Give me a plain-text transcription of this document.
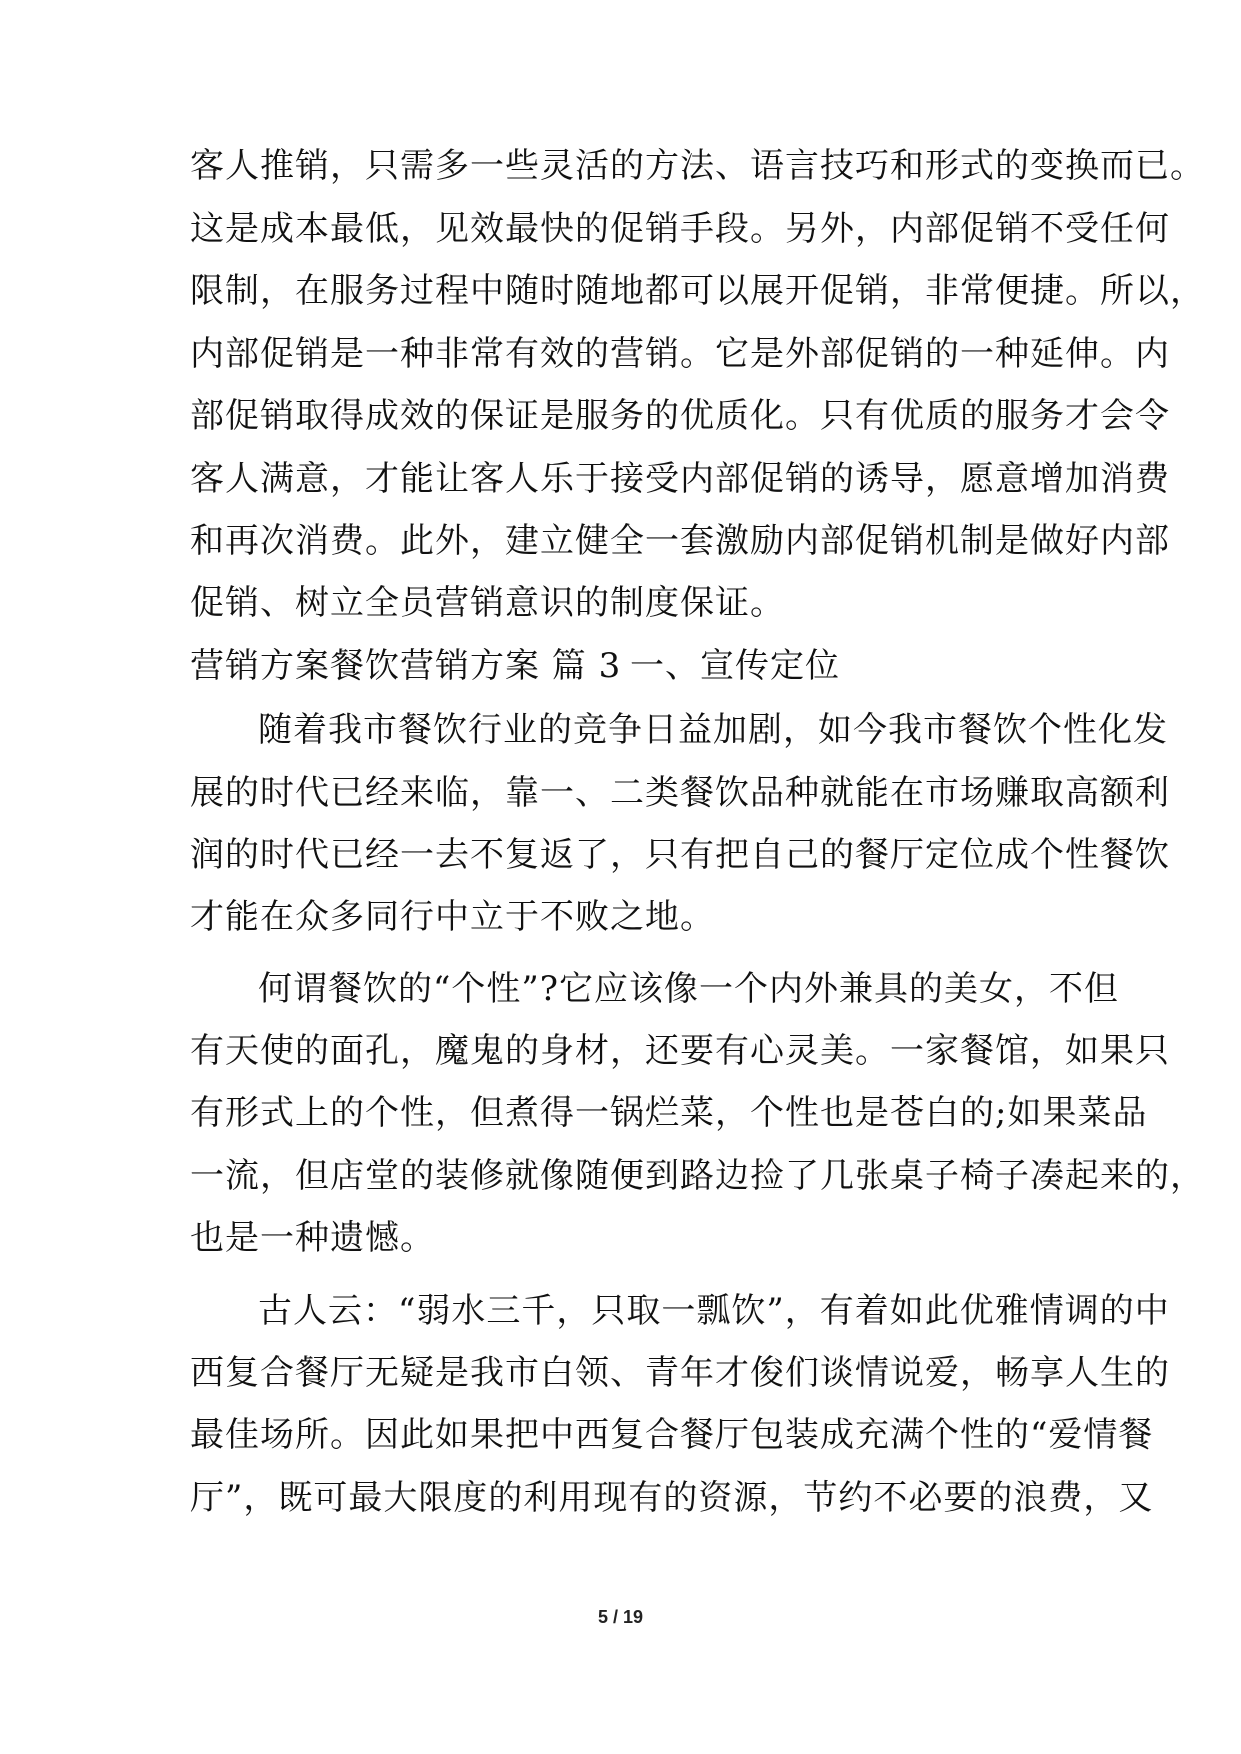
客人推销，只需多一些灵活的方法、语言技巧和形式的变换而已。
这是成本最低，见效最快的促销手段。另外，内部促销不受任何
限制，在服务过程中随时随地都可以展开促销，非常便捷。所以，
内部促销是一种非常有效的营销。它是外部促销的一种延伸。内
部促销取得成效的保证是服务的优质化。只有优质的服务才会令
客人满意，才能让客人乐于接受内部促销的诱导，愿意增加消费
和再次消费。此外，建立健全一套激励内部促销机制是做好内部
促销、树立全员营销意识的制度保证。
营销方案餐饮营销方案 篇 3 一、宣传定位
随着我市餐饮行业的竞争日益加剧，如今我市餐饮个性化发
展的时代已经来临，靠一、二类餐饮品种就能在市场赚取高额利
润的时代已经一去不复返了，只有把自己的餐厅定位成个性餐饮
才能在众多同行中立于不败之地。
何谓餐饮的“个性”?它应该像一个内外兼具的美女，不但
有天使的面孔，魔鬼的身材，还要有心灵美。一家餐馆，如果只
有形式上的个性，但煮得一锅烂菜，个性也是苍白的;如果菜品
一流，但店堂的装修就像随便到路边捡了几张桌子椅子凑起来的，
也是一种遗憾。
古人云：“弱水三千，只取一瓢饮”，有着如此优雅情调的中
西复合餐厅无疑是我市白领、青年才俊们谈情说爱，畅享人生的
最佳场所。因此如果把中西复合餐厅包装成充满个性的“爱情餐
厅”，既可最大限度的利用现有的资源，节约不必要的浪费，又
5 / 19
